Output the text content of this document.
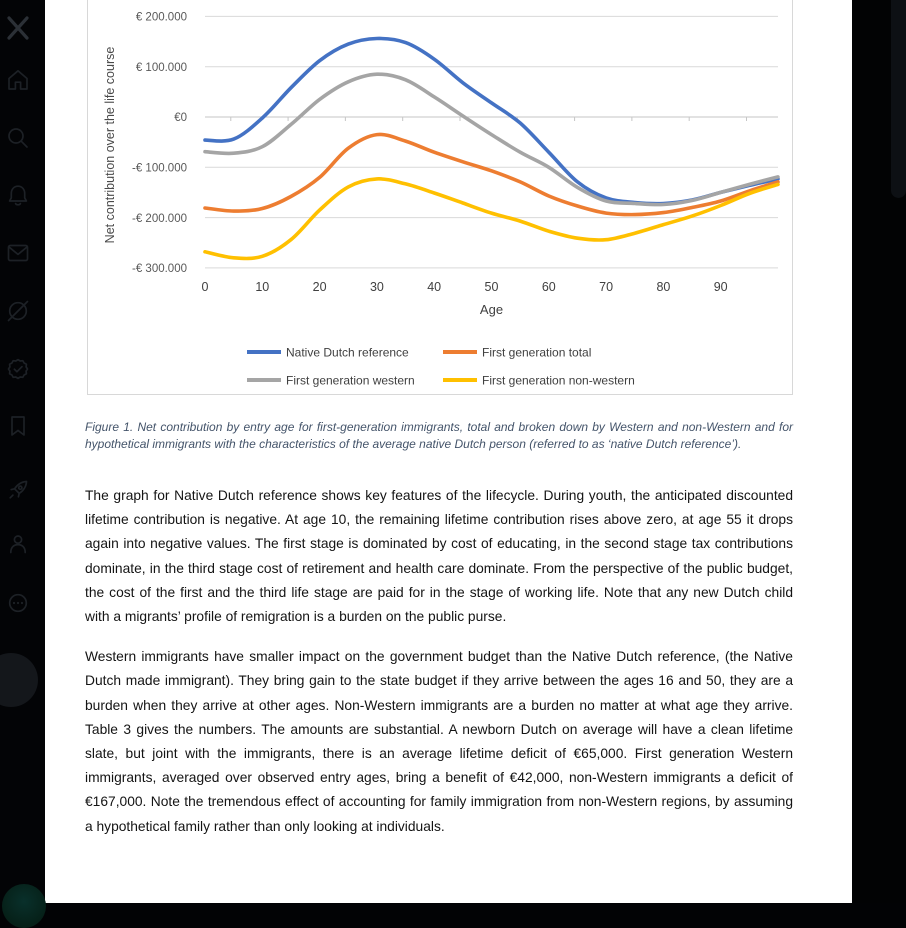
€ 200.000
€ 100.000
€0
-€ 100.000
-€ 200.000
-€ 300.000
0	10	20	30	40	50	60	70	80	90
Age
Net contribution over the life course
Native Dutch reference	First generation total
First generation western	First generation non-western

Figure 1. Net contribution by entry age for first-generation immigrants, total and broken down by Western and non-Western and for hypothetical immigrants with the characteristics of the average native Dutch person (referred to as ‘native Dutch reference’).

The graph for Native Dutch reference shows key features of the lifecycle. During youth, the anticipated discounted lifetime contribution is negative. At age 10, the remaining lifetime contribution rises above zero, at age 55 it drops again into negative values. The first stage is dominated by cost of educating, in the second stage tax contributions dominate, in the third stage cost of retirement and health care dominate. From the perspective of the public budget, the cost of the first and the third life stage are paid for in the stage of working life. Note that any new Dutch child with a migrants’ profile of remigration is a burden on the public purse.

Western immigrants have smaller impact on the government budget than the Native Dutch reference, (the Native Dutch made immigrant). They bring gain to the state budget if they arrive between the ages 16 and 50, they are a burden when they arrive at other ages. Non-Western immigrants are a burden no matter at what age they arrive. Table 3 gives the numbers. The amounts are substantial. A newborn Dutch on average will have a clean lifetime slate, but joint with the immigrants, there is an average lifetime deficit of €65,000. First generation Western immigrants, averaged over observed entry ages, bring a benefit of €42,000, non-Western immigrants a deficit of €167,000. Note the tremendous effect of accounting for family immigration from non-Western regions, by assuming a hypothetical family rather than only looking at individuals.
